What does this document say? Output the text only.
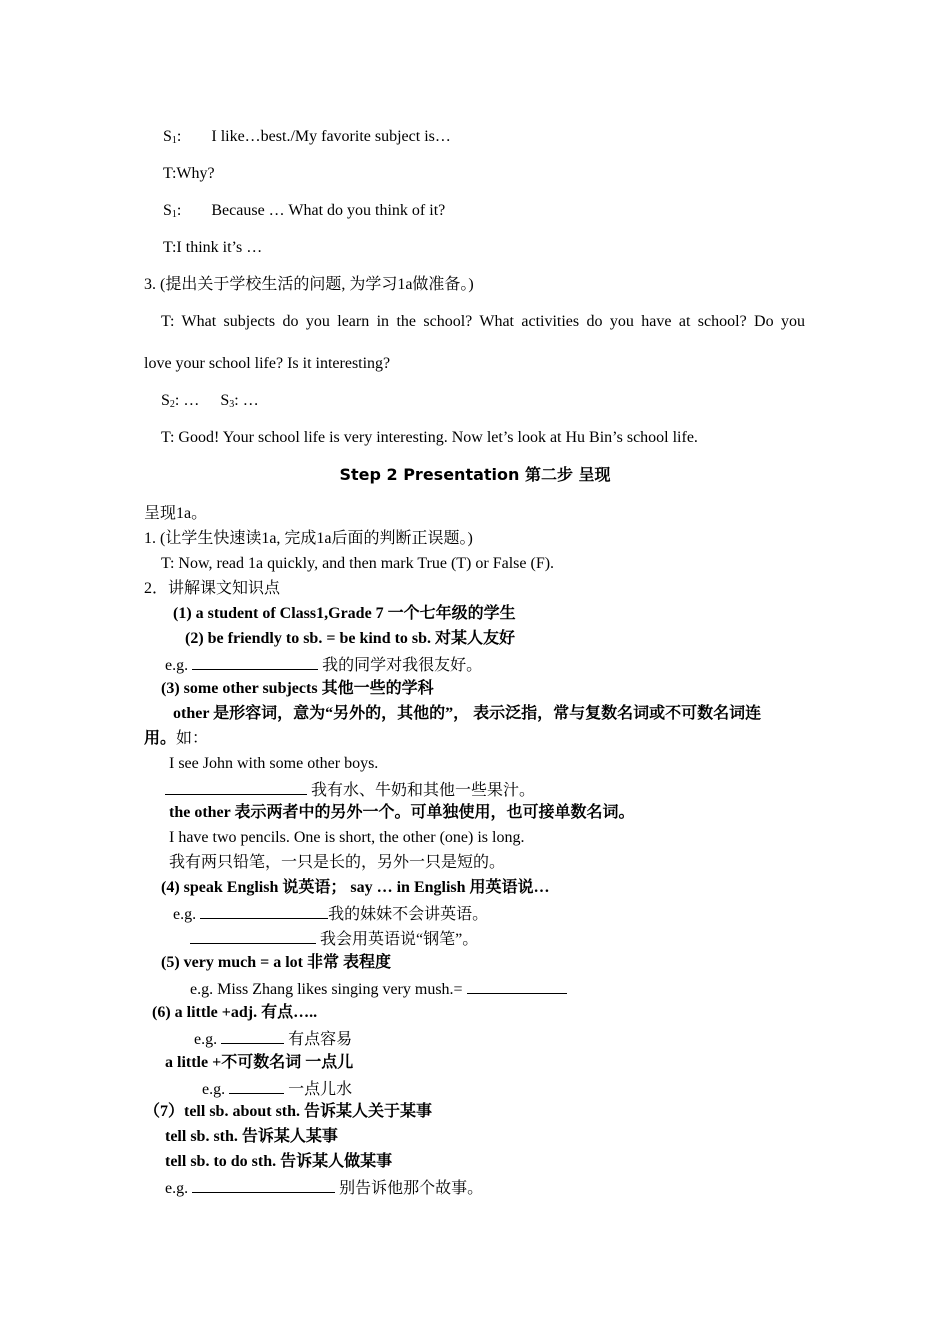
$S_1$: I like…best./My favorite subject is…
T:Why?
$S_1$: Because … What do you think of it?
T:I think it’s …
3. (提出关于学校生活的问题, 为学习1a做准备。)
T: What subjects do you learn in the school? What activities do you have at school? Do you
love your school life? Is it interesting?
$S_2$: … $S_3$: …
T: Good! Your school life is very interesting. Now let’s look at Hu Bin’s school life.
Step 2 Presentation 第二步 呈现
呈现1a。
1. (让学生快速读1a, 完成1a后面的判断正误题。)
T: Now, read 1a quickly, and then mark True (T) or False (F).
2．讲解课文知识点
(1) a student of Class1,Grade 7 一个七年级的学生
(2) be friendly to sb. = be kind to sb. 对某人友好
e.g.	我的同学对我很友好。
(3) some other subjects 其他一些的学科
other 是形容词，意为“另外的，其他的”， 表示泛指，常与复数名词或不可数名词连
用。如：
I see John with some other boys.
我有水、牛奶和其他一些果汁。
the other 表示两者中的另外一个。可单独使用，也可接单数名词。
I have two pencils. One is short, the other (one) is long.
我有两只铅笔，一只是长的，另外一只是短的。
(4) speak English 说英语； say … in English 用英语说…
e.g.	我的妹妹不会讲英语。
我会用英语说“钢笔”。
(5) very much = a lot 非常 表程度
e.g. Miss Zhang likes singing very mush.=
(6) a little +adj. 有点…..
e.g.	有点容易
a little +不可数名词 一点儿
e.g.	一点儿水
（7）tell sb. about sth. 告诉某人关于某事
tell sb. sth. 告诉某人某事
tell sb. to do sth. 告诉某人做某事
e.g.	别告诉他那个故事。
